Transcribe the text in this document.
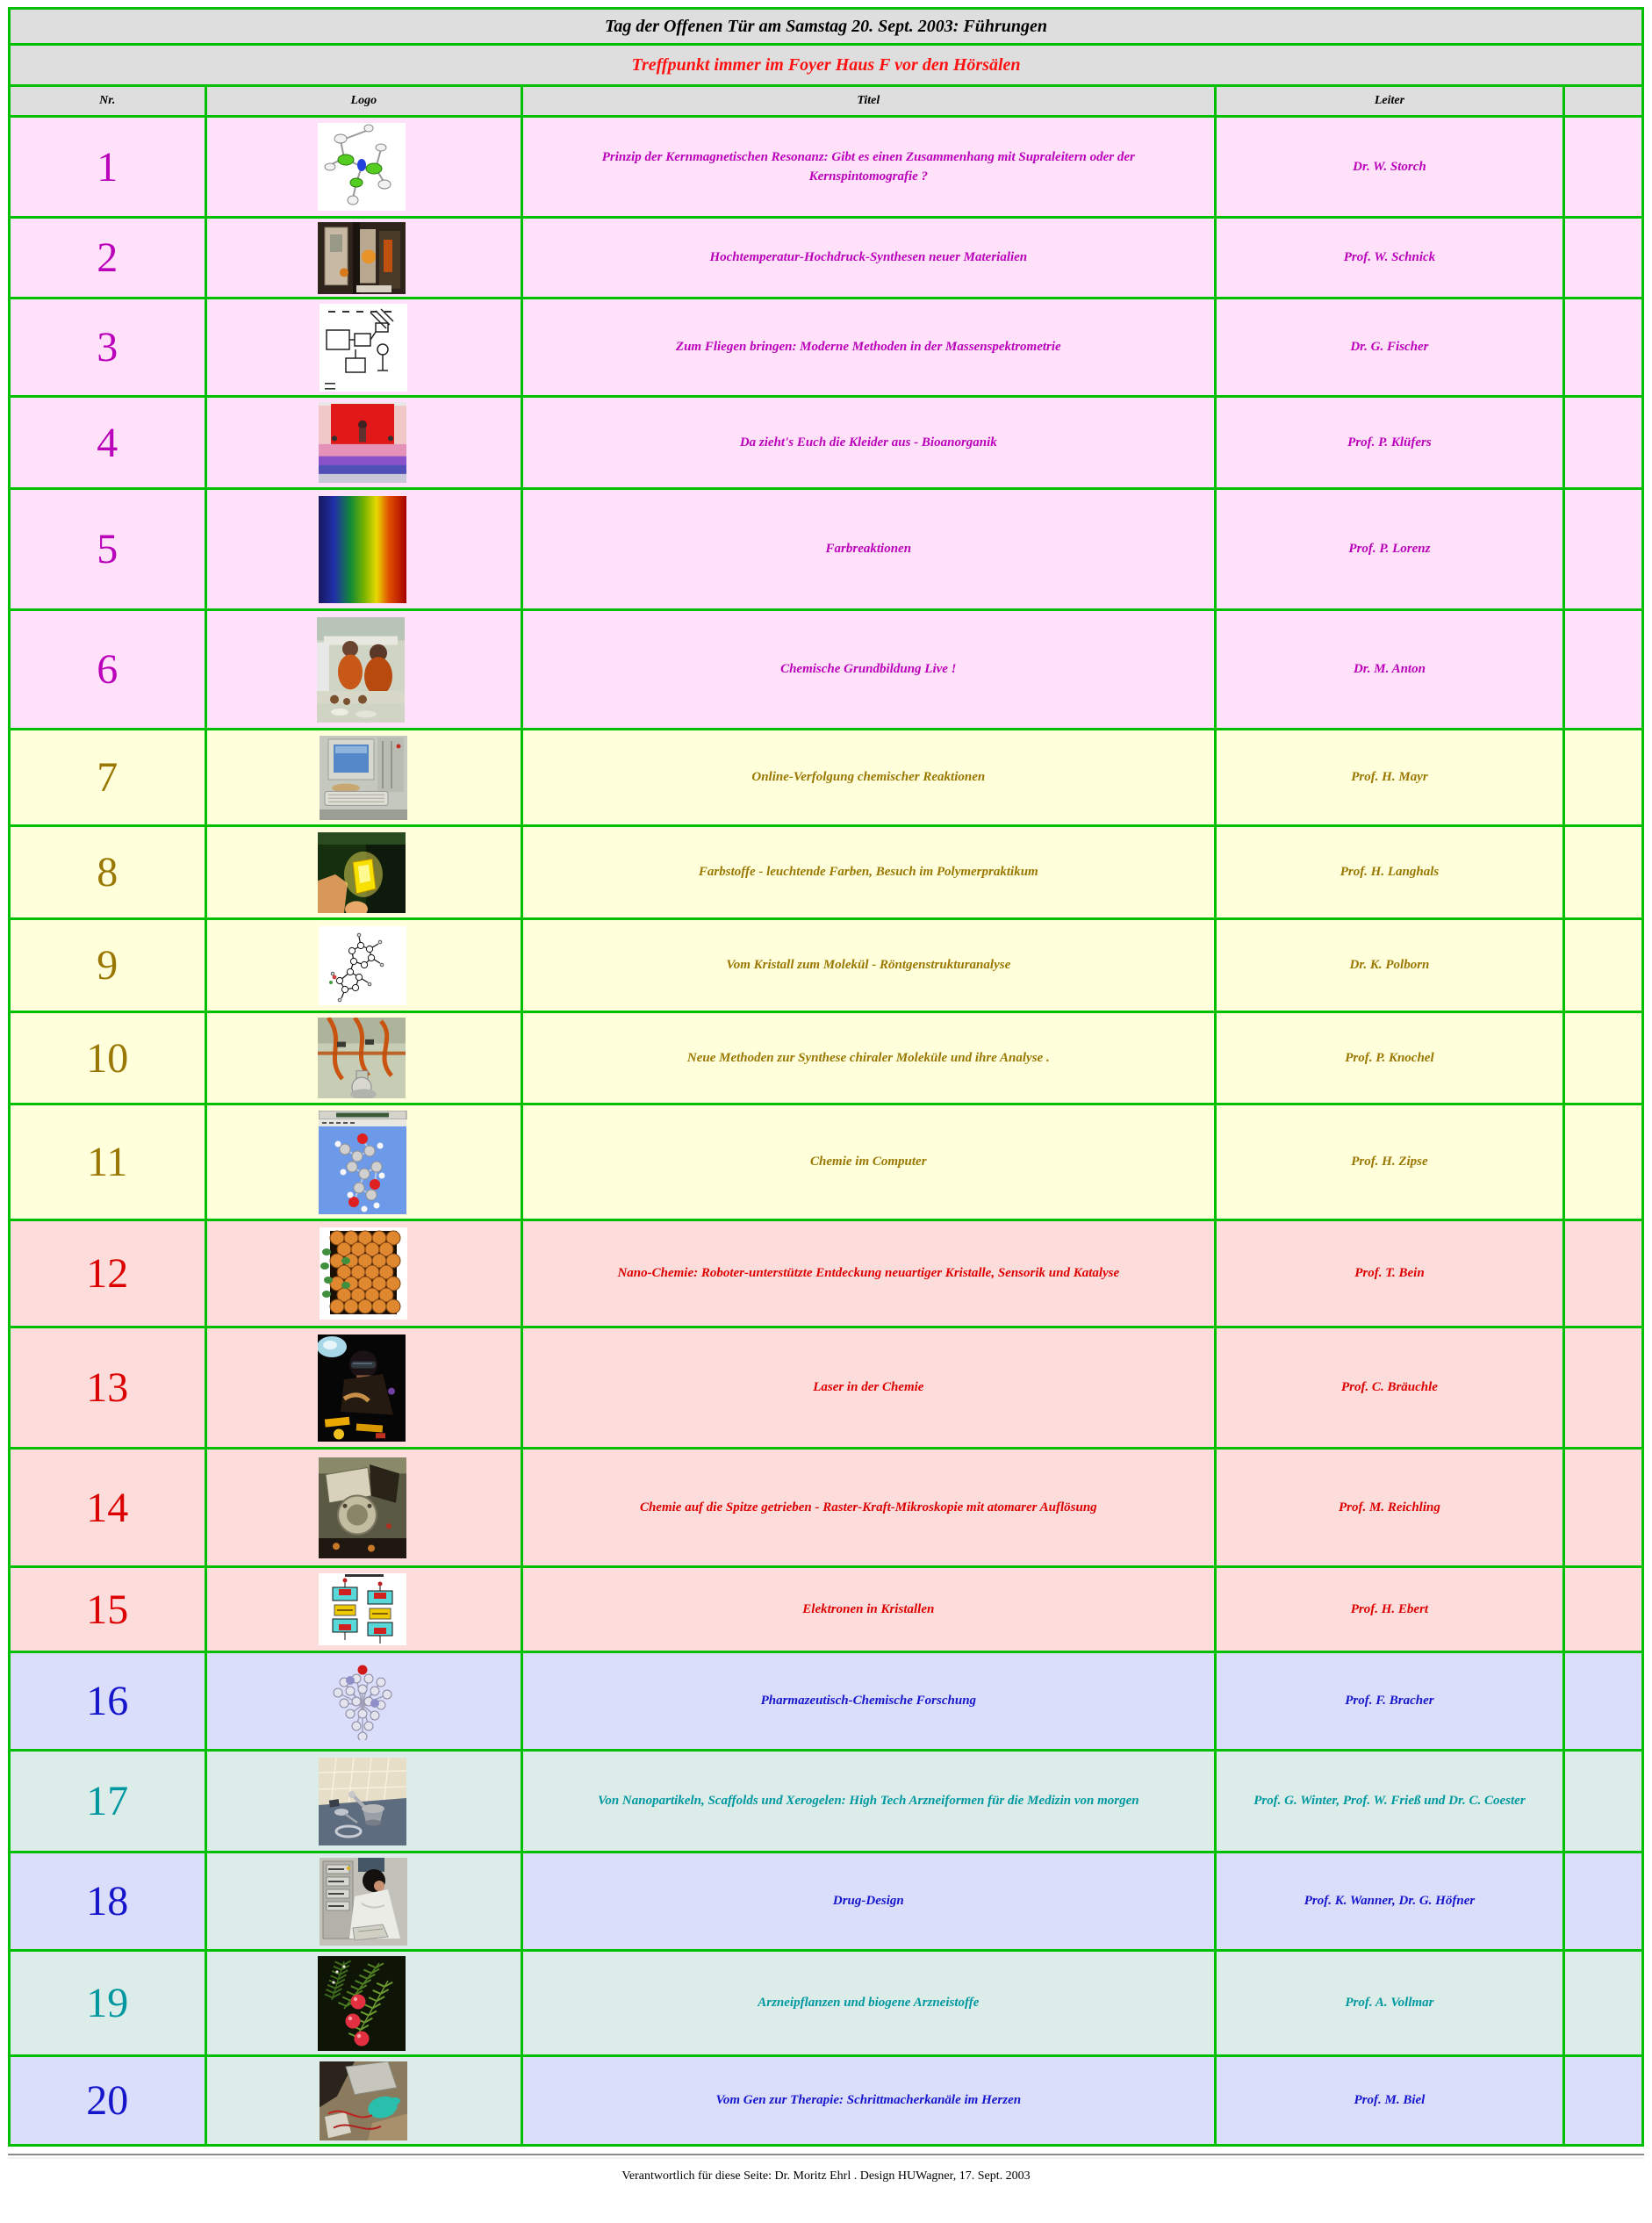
Tag der Offenen Tür am Samstag 20. Sept. 2003: Führungen				
Treffpunkt immer im Foyer Haus F vor den Hörsälen				
Nr.	Logo	Titel	Leiter	
1		Prinzip der Kernmagnetischen Resonanz: Gibt es einen Zusammenhang mit Supraleitern oder der Kernspintomografie ?	Dr. W. Storch	
2		Hochtemperatur-Hochdruck-Synthesen neuer Materialien	Prof. W. Schnick	
3		Zum Fliegen bringen: Moderne Methoden in der Massenspektrometrie	Dr. G. Fischer	
4		Da zieht's Euch die Kleider aus - Bioanorganik	Prof. P. Klüfers	
5		Farbreaktionen	Prof. P. Lorenz	
6		Chemische Grundbildung Live !	Dr. M. Anton	
7		Online-Verfolgung chemischer Reaktionen	Prof. H. Mayr	
8		Farbstoffe - leuchtende Farben, Besuch im Polymerpraktikum	Prof. H. Langhals	
9		Vom Kristall zum Molekül - Röntgenstrukturanalyse	Dr. K. Polborn	
10		Neue Methoden zur Synthese chiraler Moleküle und ihre Analyse .	Prof. P. Knochel	
11		Chemie im Computer	Prof. H. Zipse	
12		Nano-Chemie: Roboter-unterstützte Entdeckung neuartiger Kristalle, Sensorik und Katalyse	Prof. T. Bein	
13		Laser in der Chemie	Prof. C. Bräuchle	
14		Chemie auf die Spitze getrieben - Raster-Kraft-Mikroskopie mit atomarer Auflösung	Prof. M. Reichling	
15		Elektronen in Kristallen	Prof. H. Ebert	
16		Pharmazeutisch-Chemische Forschung	Prof. F. Bracher	
17		Von Nanopartikeln, Scaffolds und Xerogelen: High Tech Arzneiformen für die Medizin von morgen	Prof. G. Winter, Prof. W. Frieß und Dr. C. Coester	
18		Drug-Design	Prof. K. Wanner, Dr. G. Höfner	
19		Arzneipflanzen und biogene Arzneistoffe	Prof. A. Vollmar	
20		Vom Gen zur Therapie: Schrittmacherkanäle im Herzen	Prof. M. Biel	
Verantwortlich für diese Seite: Dr. Moritz Ehrl . Design HUWagner, 17. Sept. 2003
